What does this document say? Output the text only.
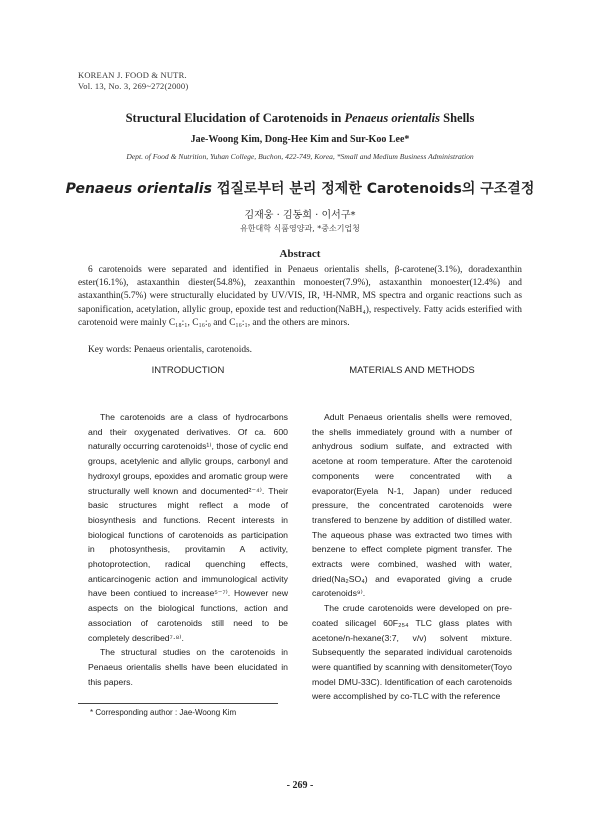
KOREAN J. FOOD & NUTR.
Vol. 13, No. 3, 269~272(2000)
Structural Elucidation of Carotenoids in Penaeus orientalis Shells
Jae-Woong Kim, Dong-Hee Kim and Sur-Koo Lee*
Dept. of Food & Nutrition, Yuhan College, Buchon, 422-749, Korea, *Small and Medium Business Administration
Penaeus orientalis 껍질로부터 분리 정제한 Carotenoids의 구조결정
김재웅 · 김동희 · 이서구*
유한대학 식품영양과, *중소기업청
Abstract

6 carotenoids were separated and identified in Penaeus orientalis shells, β-carotene(3.1%), doradexanthin ester(16.1%), astaxanthin diester(54.8%), zeaxanthin monoester(7.9%), astaxanthin monoester(12.4%) and astaxanthin(5.7%) were structurally elucidated by UV/VIS, IR, ¹H-NMR, MS spectra and organic reactions such as saponification, acetylation, allylic group, epoxide test and reduction(NaBH₄), respectively. Fatty acids esterified with carotenoid were mainly C₁₈:₁, C₁₆:₀ and C₁₆:₁, and the others are minors.

Key words: Penaeus orientalis, carotenoids.
INTRODUCTION

The carotenoids are a class of hydrocarbons and their oxygenated derivatives. Of ca. 600 naturally occurring carotenoids¹⁾, those of cyclic end groups, acetylenic and allylic groups, carbonyl and hydroxyl groups, epoxides and aromatic group were structurally well known and documented²⁻⁴⁾. Their basic structures might reflect a mode of biosynthesis and functions. Recent interests in biological functions of carotenoids as participation in photosynthesis, provitamin A activity, photoprotection, radical quenching effects, anticarcinogenic action and immunological activity have been contiued to increase⁵⁻⁷⁾. However new aspects on the biological functions, action and association of carotenoids still need to be completely described⁷·⁸⁾.

The structural studies on the carotenoids in Penaeus orientalis shells have been elucidated in this papers.

MATERIALS AND METHODS

Adult Penaeus orientalis shells were removed, the shells immediately ground with a number of anhydrous sodium sulfate, and extracted with acetone at room temperature. After the carotenoid components were concentrated with a evaporator(Eyela N-1, Japan) under reduced pressure, the concentrated carotenoids were transfered to benzene by addition of distilled water. The aqueous phase was extracted two times with benzene to effect complete pigment transfer. The extracts were combined, washed with water, dried(Na₂SO₄) and evaporated giving a crude carotenoids⁹⁾.

The crude carotenoids were developed on pre-coated silicagel 60F₂₅₄ TLC glass plates with acetone/n-hexane(3:7, v/v) solvent mixture. Subsequently the separated individual carotenoids were quantified by scanning with densitometer(Toyo model DMU-33C). Identification of each carotenoids were accomplished by co-TLC with the reference

* Corresponding author : Jae-Woong Kim
- 269 -
